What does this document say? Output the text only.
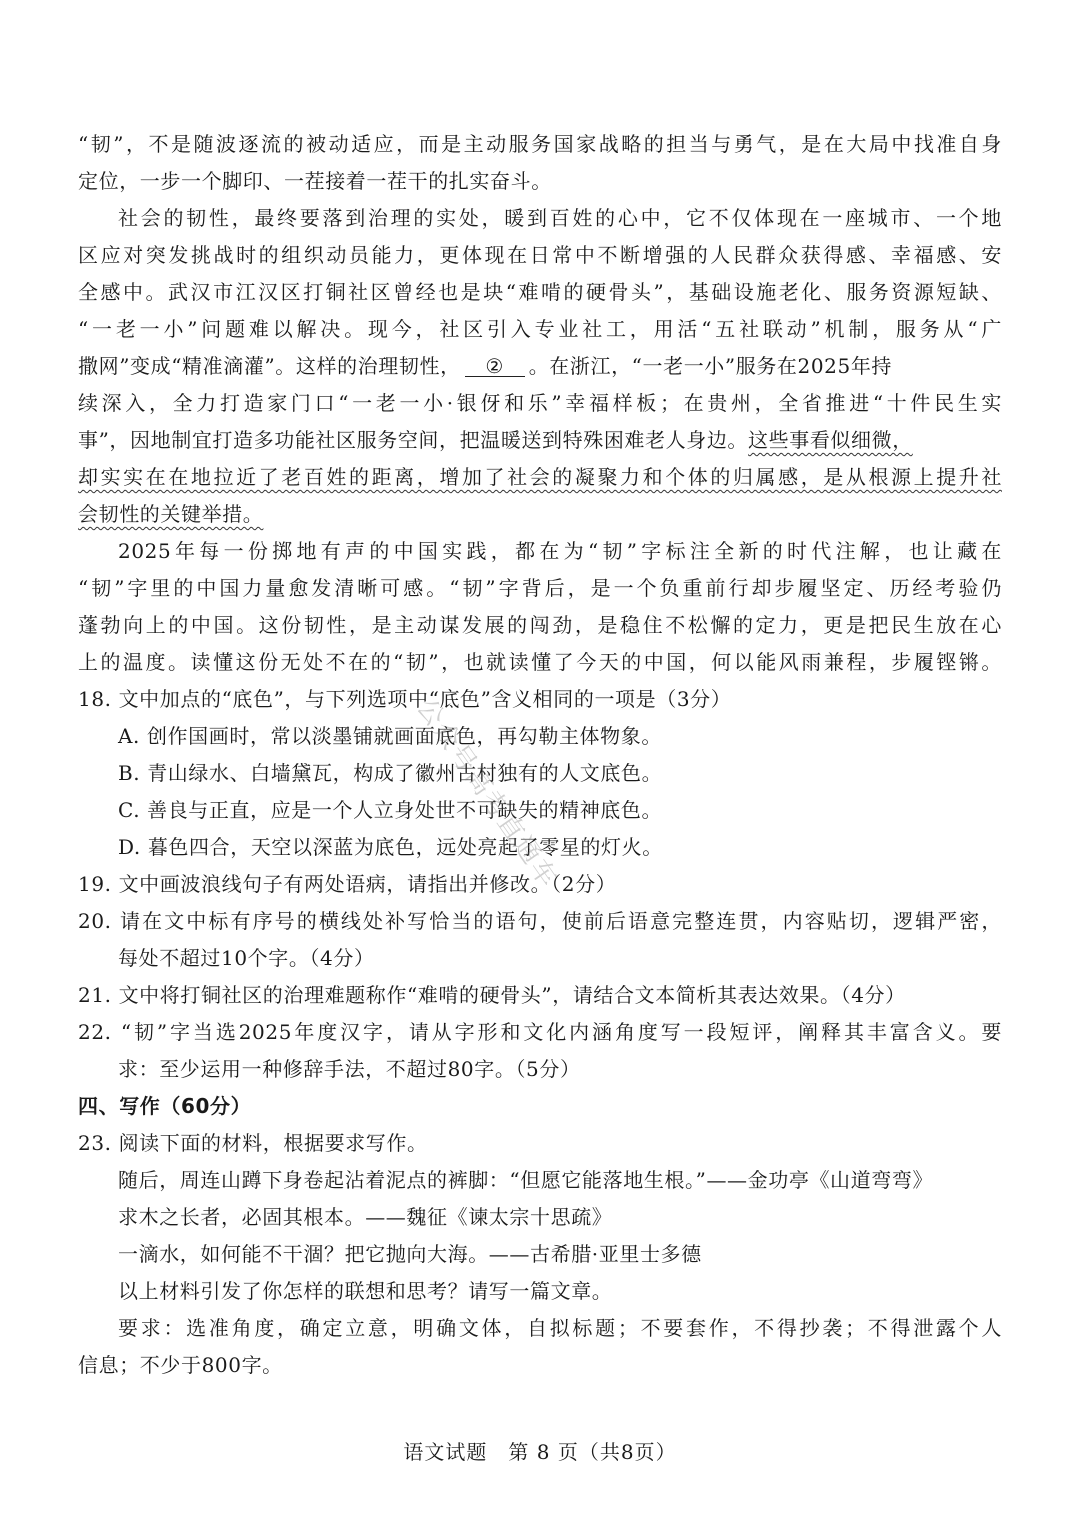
“韧”，不是随波逐流的被动适应，而是主动服务国家战略的担当与勇气，是在大局中找准自身
定位，一步一个脚印、一茬接着一茬干的扎实奋斗。
社会的韧性，最终要落到治理的实处，暖到百姓的心中，它不仅体现在一座城市、一个地
区应对突发挑战时的组织动员能力，更体现在日常中不断增强的人民群众获得感、幸福感、安
全感中。武汉市江汉区打铜社区曾经也是块“难啃的硬骨头”，基础设施老化、服务资源短缺、
“一老一小”问题难以解决。现今，社区引入专业社工，用活“五社联动”机制，服务从“广
撒网”变成“精准滴灌”。这样的治理韧性， ② 。在浙江，“一老一小”服务在2025年持
续深入，全力打造家门口“一老一小·银伢和乐”幸福样板；在贵州，全省推进“十件民生实
事”，因地制宜打造多功能社区服务空间，把温暖送到特殊困难老人身边。这些事看似细微，
却实实在在地拉近了老百姓的距离，增加了社会的凝聚力和个体的归属感，是从根源上提升社
会韧性的关键举措。
2025年每一份掷地有声的中国实践，都在为“韧”字标注全新的时代注解，也让藏在
“韧”字里的中国力量愈发清晰可感。“韧”字背后，是一个负重前行却步履坚定、历经考验仍
蓬勃向上的中国。这份韧性，是主动谋发展的闯劲，是稳住不松懈的定力，更是把民生放在心
上的温度。读懂这份无处不在的“韧”，也就读懂了今天的中国，何以能风雨兼程，步履铿锵。
18. 文中加点的“底色”，与下列选项中“底色”含义相同的一项是（3分）
A. 创作国画时，常以淡墨铺就画面底色，再勾勒主体物象。
B. 青山绿水、白墙黛瓦，构成了徽州古村独有的人文底色。
C. 善良与正直，应是一个人立身处世不可缺失的精神底色。
D. 暮色四合，天空以深蓝为底色，远处亮起了零星的灯火。
19. 文中画波浪线句子有两处语病，请指出并修改。（2分）
20. 请在文中标有序号的横线处补写恰当的语句，使前后语意完整连贯，内容贴切，逻辑严密，
每处不超过10个字。（4分）
21. 文中将打铜社区的治理难题称作“难啃的硬骨头”，请结合文本简析其表达效果。（4分）
22. “韧”字当选2025年度汉字，请从字形和文化内涵角度写一段短评，阐释其丰富含义。要
求：至少运用一种修辞手法，不超过80字。（5分）
四、写作（60分）
23. 阅读下面的材料，根据要求写作。
随后，周连山蹲下身卷起沾着泥点的裤脚：“但愿它能落地生根。”——金功亭《山道弯弯》
求木之长者，必固其根本。——魏征《谏太宗十思疏》
一滴水，如何能不干涸？把它抛向大海。——古希腊·亚里士多德
以上材料引发了你怎样的联想和思考？请写一篇文章。
要求：选准角度，确定立意，明确文体，自拟标题；不要套作，不得抄袭；不得泄露个人
信息；不少于800字。
语文试题　第 8 页（共8页）
公众号高考直通车
